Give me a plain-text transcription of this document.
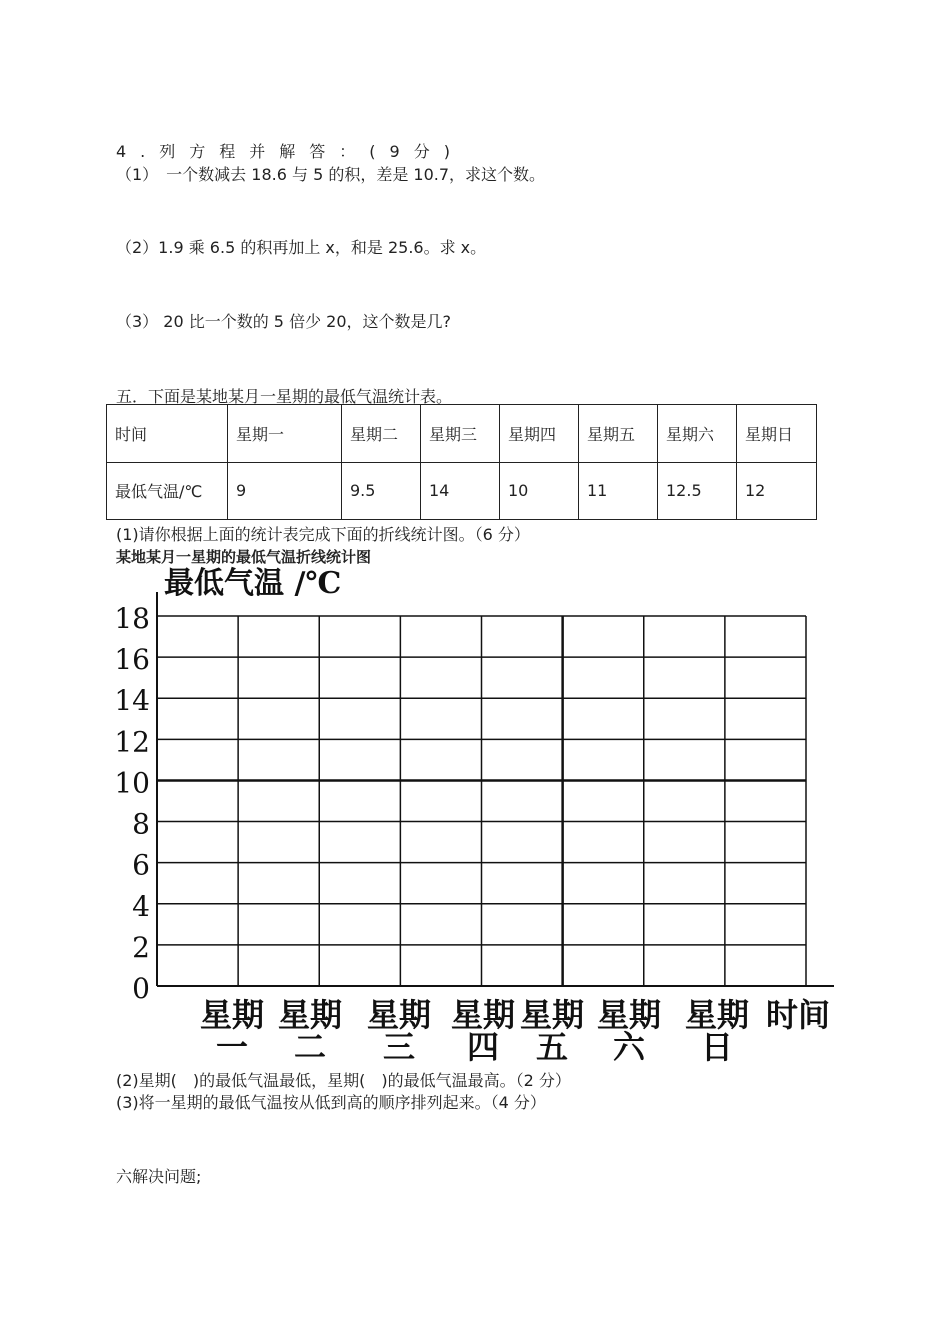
4.列方程并解答：(9分)
（1）　一个数减去 18.6 与 5 的积，差是 10.7，求这个数。
（2）1.9 乘 6.5 的积再加上 x，和是 25.6。求 x。
（3） 20 比一个数的 5 倍少 20，这个数是几?
五．下面是某地某月一星期的最低气温统计表。
时间	星期一	星期二	星期三	星期四	星期五	星期六	星期日
最低气温/℃	9	9.5	14	10	11	12.5	12
(1)请你根据上面的统计表完成下面的折线统计图。（6 分）
某地某月一星期的最低气温折线统计图
18
16
14
12
10
8
6
4
2
0
最低气温 /℃
星期
一
星期
二
星期
三
星期
四
星期
五
星期
六
星期
日
时间
(2)星期(　)的最低气温最低，星期(　)的最低气温最高。（2 分）
(3)将一星期的最低气温按从低到高的顺序排列起来。（4 分）
六解决问题;
